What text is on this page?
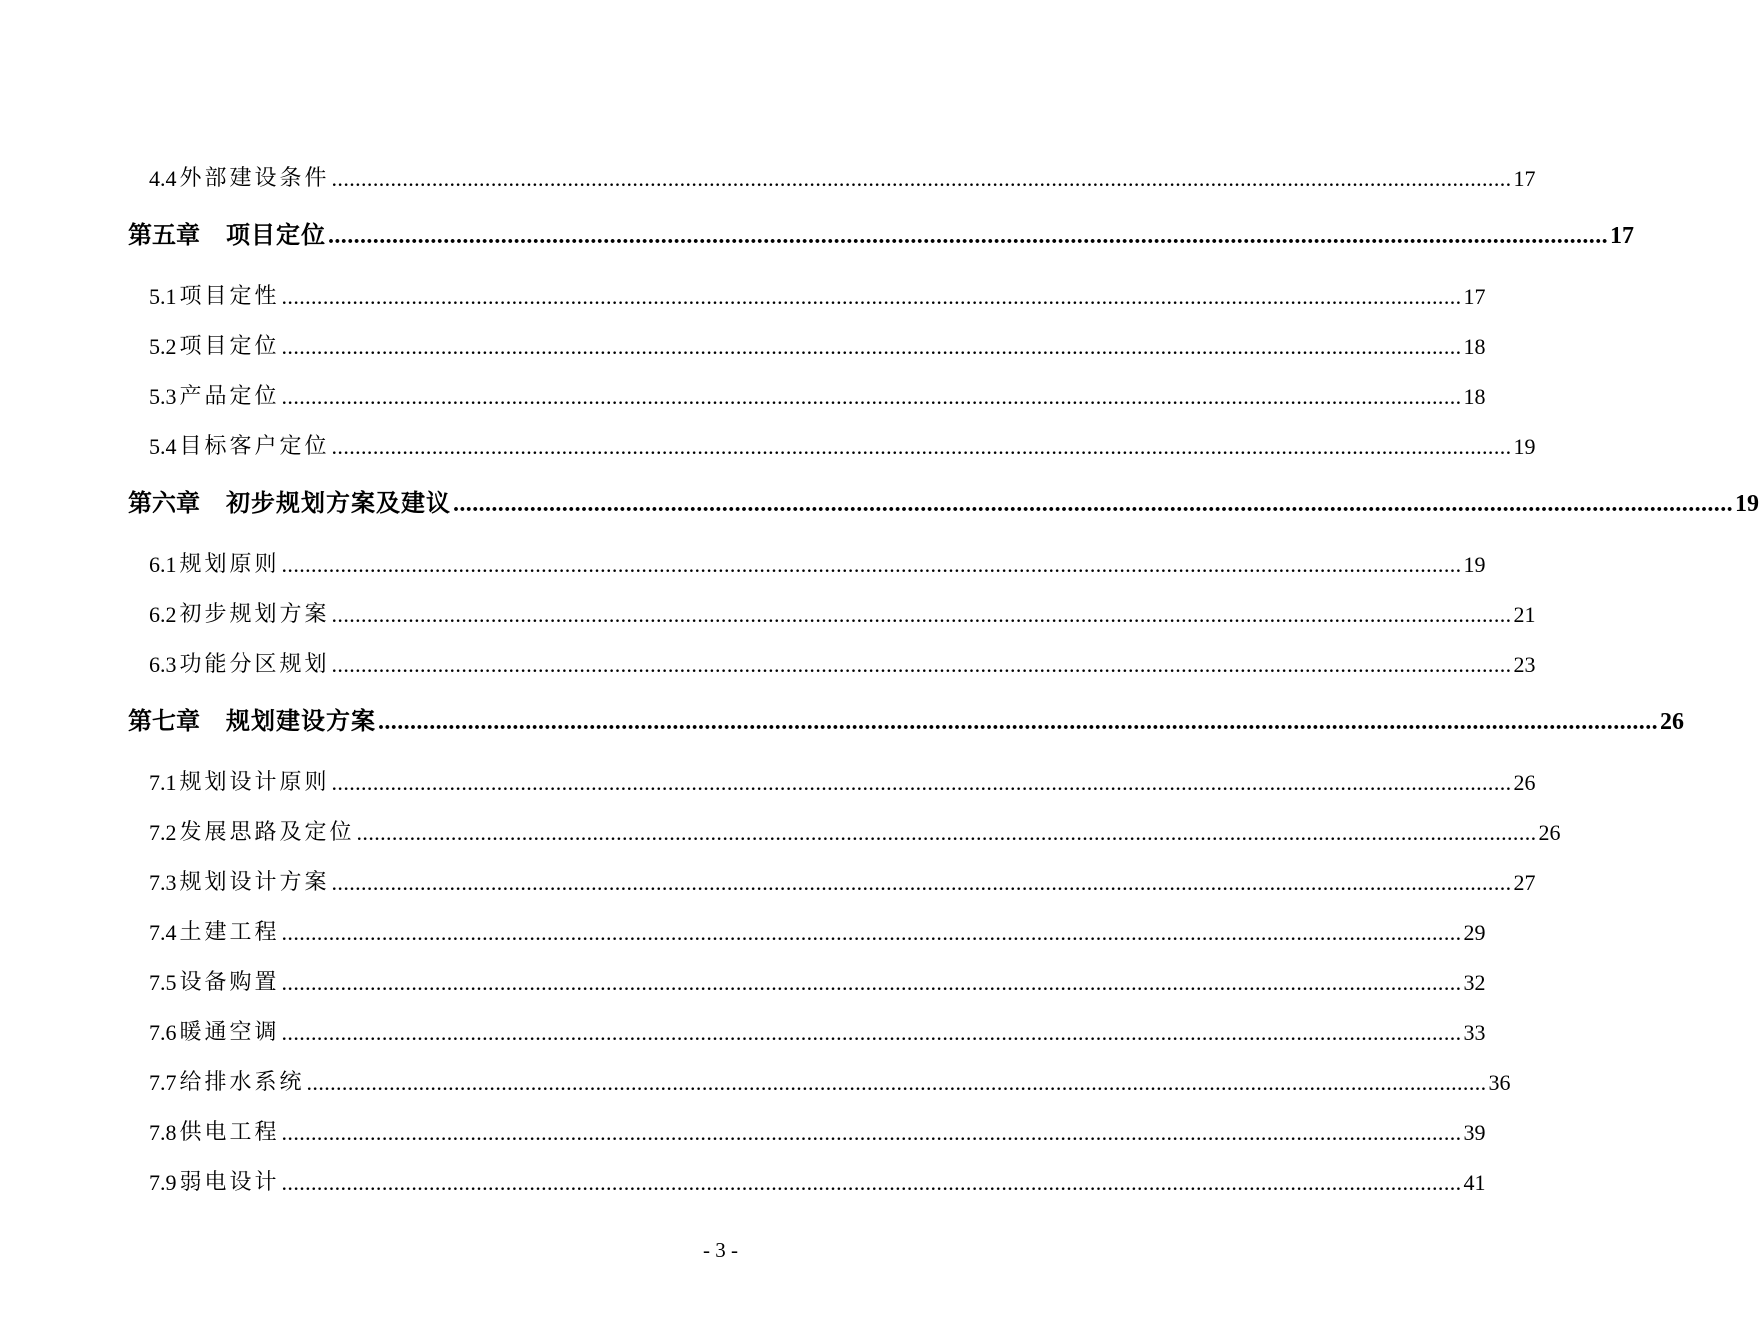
4.4 外部建设条件 ........................................................................................................................................................................................................ 17
第五章 项目定位 ........................................................................................................................................................................................................ 17
5.1 项目定性 ........................................................................................................................................................................................................ 17
5.2 项目定位 ........................................................................................................................................................................................................ 18
5.3 产品定位 ........................................................................................................................................................................................................ 18
5.4 目标客户定位 ........................................................................................................................................................................................................ 19
第六章 初步规划方案及建议 ........................................................................................................................................................................................................ 19
6.1 规划原则 ........................................................................................................................................................................................................ 19
6.2 初步规划方案 ........................................................................................................................................................................................................ 21
6.3 功能分区规划 ........................................................................................................................................................................................................ 23
第七章 规划建设方案 ........................................................................................................................................................................................................ 26
7.1 规划设计原则 ........................................................................................................................................................................................................ 26
7.2 发展思路及定位 ........................................................................................................................................................................................................ 26
7.3 规划设计方案 ........................................................................................................................................................................................................ 27
7.4 土建工程 ........................................................................................................................................................................................................ 29
7.5 设备购置 ........................................................................................................................................................................................................ 32
7.6 暖通空调 ........................................................................................................................................................................................................ 33
7.7 给排水系统 ........................................................................................................................................................................................................ 36
7.8 供电工程 ........................................................................................................................................................................................................ 39
7.9 弱电设计 ........................................................................................................................................................................................................ 41
- 3 -
